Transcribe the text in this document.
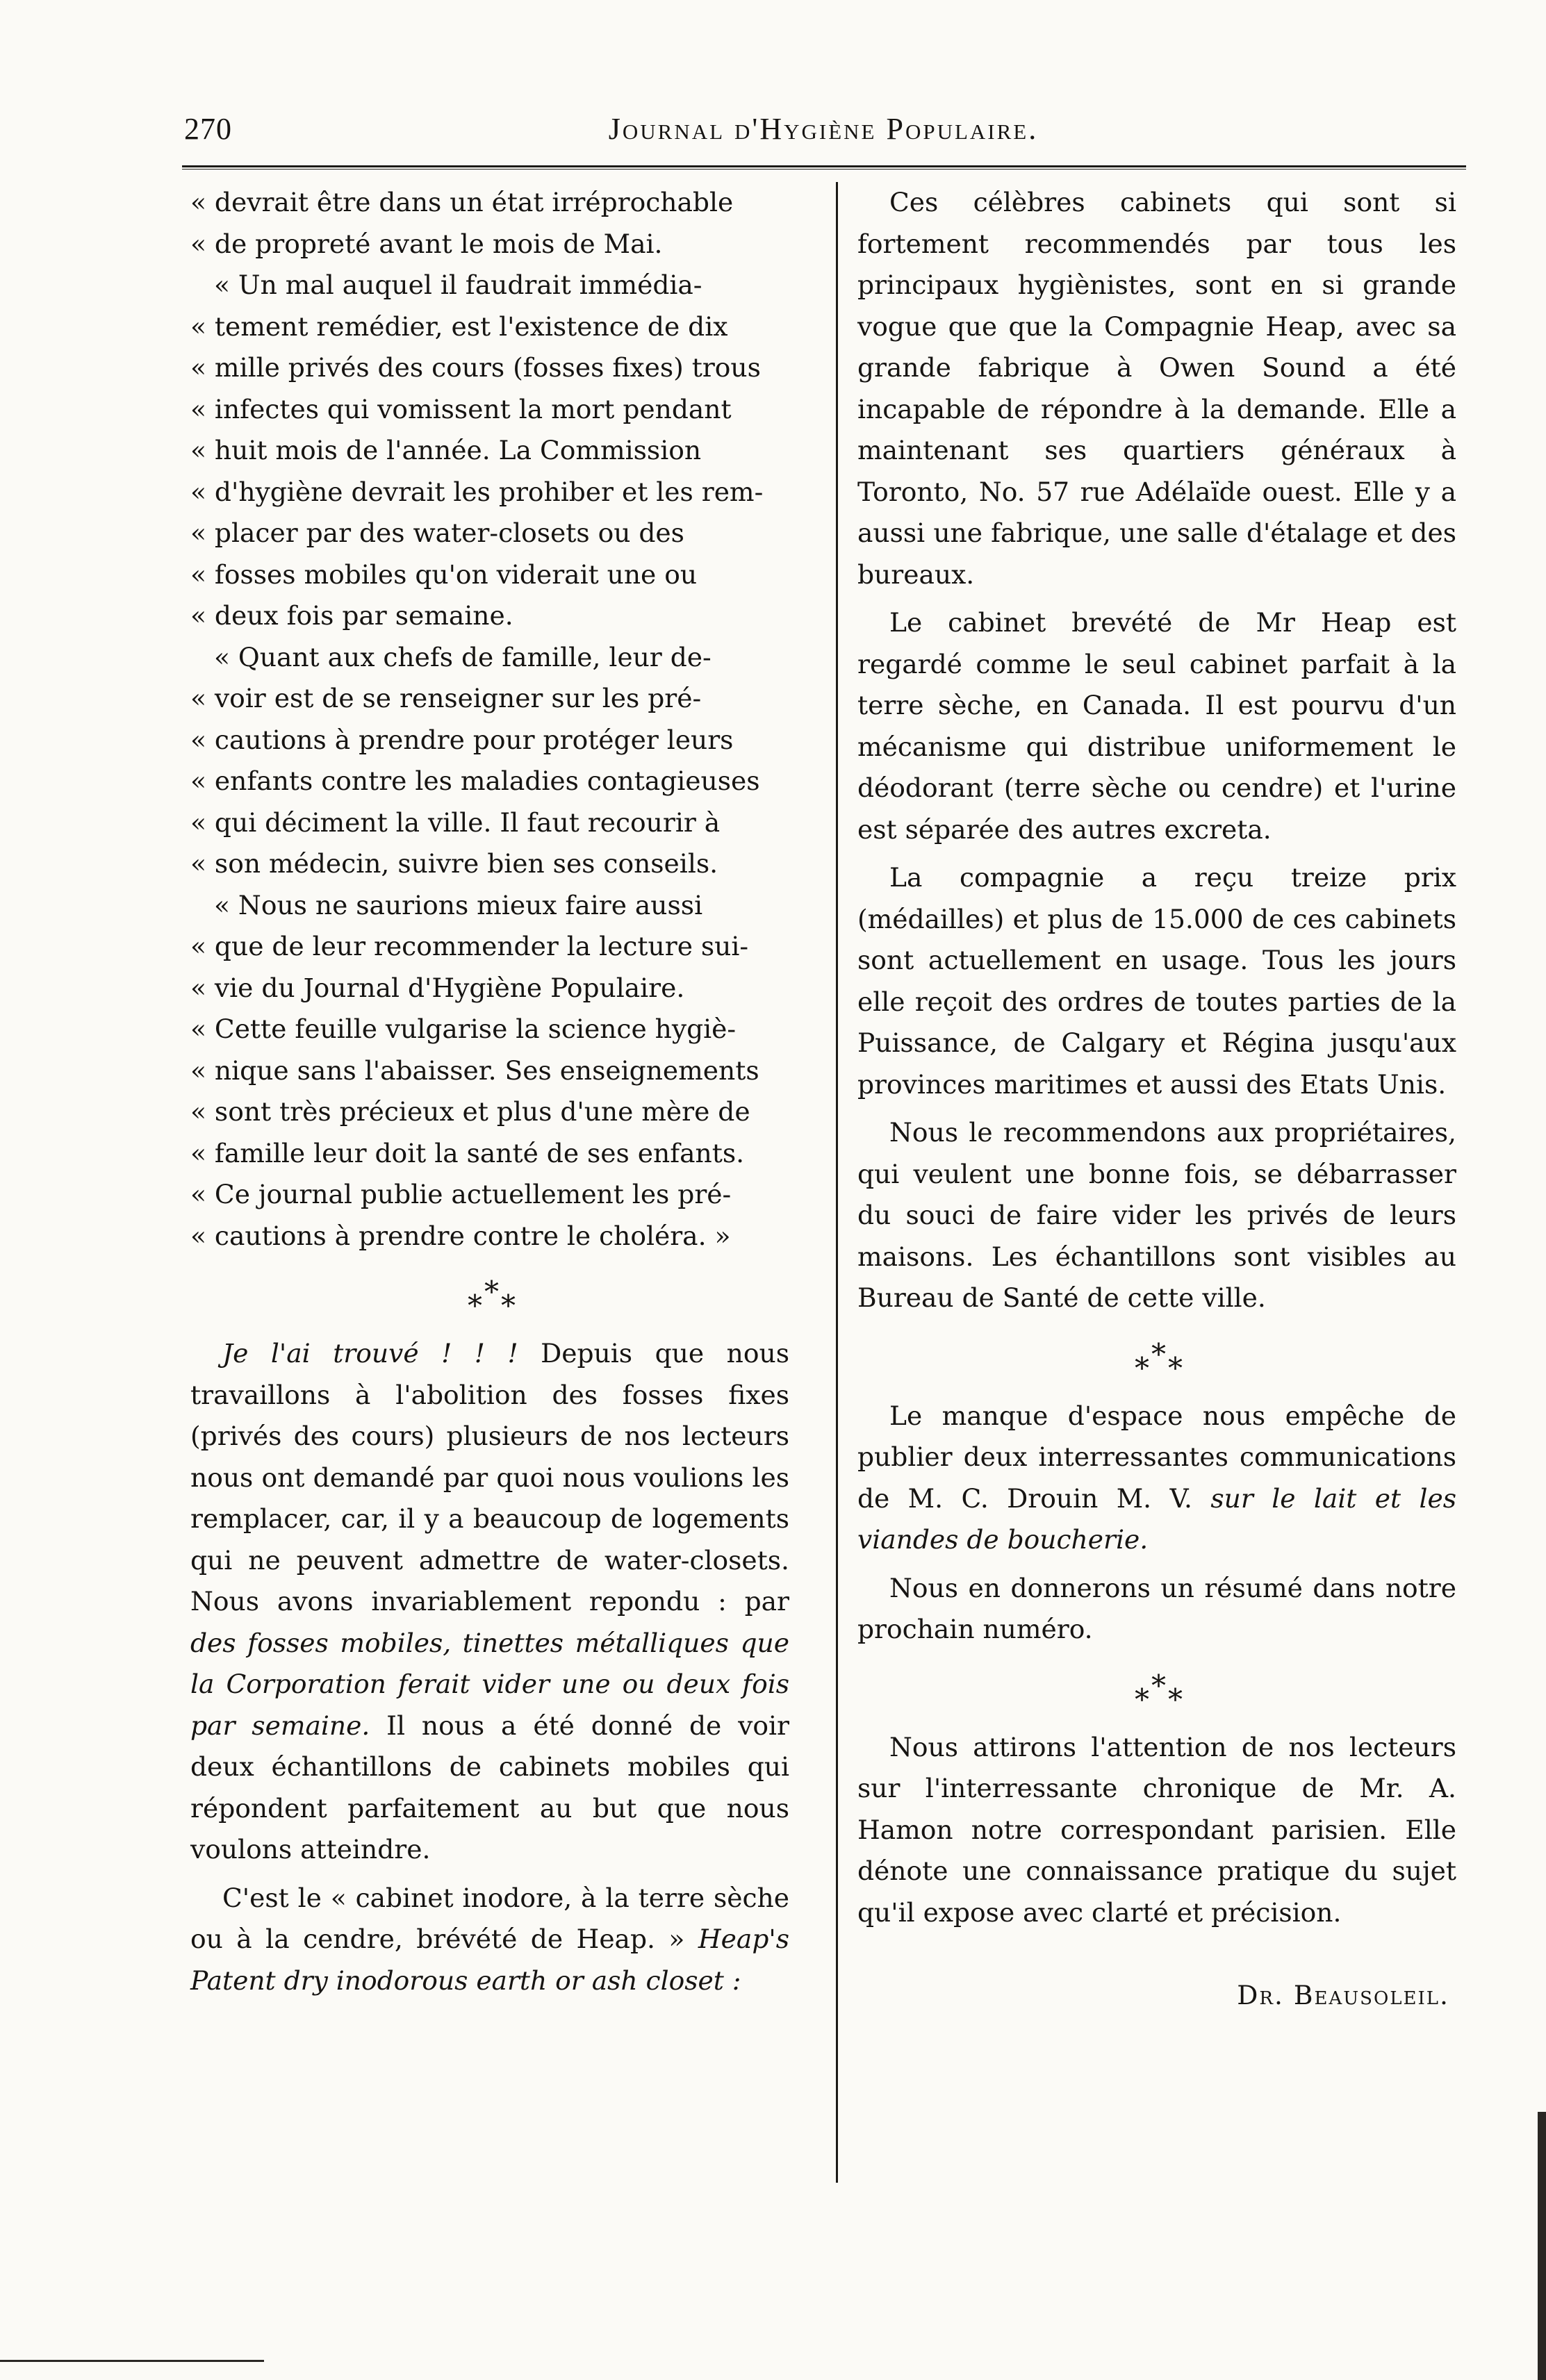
270	Journal d'Hygiène Populaire.

« devrait être dans un état irréprochable

« de propreté avant le mois de Mai.

« Un mal auquel il faudrait immédia-

« tement remédier, est l'existence de dix

« mille privés des cours (fosses fixes) trous

« infectes qui vomissent la mort pendant

« huit mois de l'année. La Commission

« d'hygiène devrait les prohiber et les rem-

« placer par des water-closets ou des

« fosses mobiles qu'on viderait une ou

« deux fois par semaine.

« Quant aux chefs de famille, leur de-

« voir est de se renseigner sur les pré-

« cautions à prendre pour protéger leurs

« enfants contre les maladies contagieuses

« qui déciment la ville. Il faut recourir à

« son médecin, suivre bien ses conseils.

« Nous ne saurions mieux faire aussi

« que de leur recommender la lecture sui-

« vie du Journal d'Hygiène Populaire.

« Cette feuille vulgarise la science hygiè-

« nique sans l'abaisser. Ses enseignements

« sont très précieux et plus d'une mère de

« famille leur doit la santé de ses enfants.

« Ce journal publie actuellement les pré-

« cautions à prendre contre le choléra. »

*
* *

Je l'ai trouvé ! ! ! Depuis que nous travaillons à l'abolition des fosses fixes (privés des cours) plusieurs de nos lecteurs nous ont demandé par quoi nous voulions les remplacer, car, il y a beaucoup de logements qui ne peuvent admettre de water-closets. Nous avons invariablement repondu : par des fosses mobiles, tinettes métalliques que la Corporation ferait vider une ou deux fois par semaine. Il nous a été donné de voir deux échantillons de cabinets mobiles qui répondent parfaitement au but que nous voulons atteindre.

C'est le « cabinet inodore, à la terre sèche ou à la cendre, brévété de Heap. » Heap's Patent dry inodorous earth or ash closet :

Ces célèbres cabinets qui sont si fortement recommendés par tous les principaux hygiènistes, sont en si grande vogue que que la Compagnie Heap, avec sa grande fabrique à Owen Sound a été incapable de répondre à la demande. Elle a maintenant ses quartiers généraux à Toronto, No. 57 rue Adélaïde ouest. Elle y a aussi une fabrique, une salle d'étalage et des bureaux.

Le cabinet brevété de Mr Heap est regardé comme le seul cabinet parfait à la terre sèche, en Canada. Il est pourvu d'un mécanisme qui distribue uniformement le déodorant (terre sèche ou cendre) et l'urine est séparée des autres excreta.

La compagnie a reçu treize prix (médailles) et plus de 15.000 de ces cabinets sont actuellement en usage. Tous les jours elle reçoit des ordres de toutes parties de la Puissance, de Calgary et Régina jusqu'aux provinces maritimes et aussi des Etats Unis.

Nous le recommendons aux propriétaires, qui veulent une bonne fois, se débarrasser du souci de faire vider les privés de leurs maisons. Les échantillons sont visibles au Bureau de Santé de cette ville.

*
* *

Le manque d'espace nous empêche de publier deux interressantes communications de M. C. Drouin M. V. sur le lait et les viandes de boucherie.

Nous en donnerons un résumé dans notre prochain numéro.

*
* *

Nous attirons l'attention de nos lecteurs sur l'interressante chronique de Mr. A. Hamon notre correspondant parisien. Elle dénote une connaissance pratique du sujet qu'il expose avec clarté et précision.

Dr. Beausoleil.
